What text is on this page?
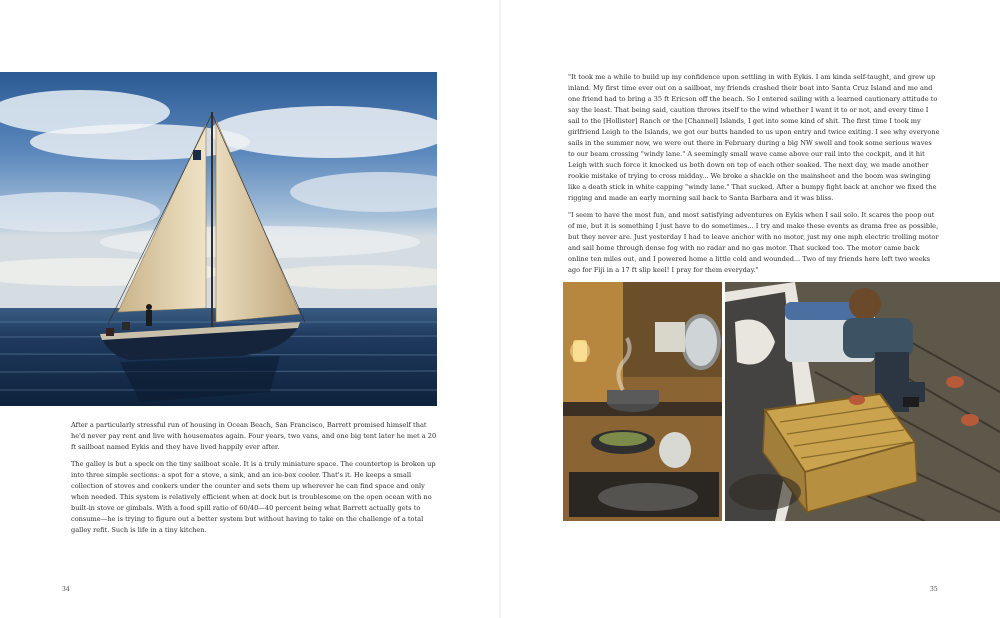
After a particularly stressful run of housing in Ocean Beach, San Francisco, Barrett promised himself that he'd never pay rent and live with housemates again. Four years, two vans, and one big tent later he met a 20 ft sailboat named Eykis and they have lived happily ever after.

The galley is but a speck on the tiny sailboat scale. It is a truly miniature space. The countertop is broken up into three simple sections: a spot for a stove, a sink, and an ice-box cooler. That's it. He keeps a small collection of stoves and cookers under the counter and sets them up wherever he can find space and only when needed. This system is relatively efficient when at dock but is troublesome on the open ocean with no built-in stove or gimbals. With a food spill ratio of 60/40—40 percent being what Barrett actually gets to consume—he is trying to figure out a better system but without having to take on the challenge of a total galley refit. Such is life in a tiny kitchen.

34	35

"It took me a while to build up my confidence upon settling in with Eykis. I am kinda self-taught, and grew up inland. My first time ever out on a sailboat, my friends crashed their boat into Santa Cruz Island and me and one friend had to bring a 35 ft Ericson off the beach. So I entered sailing with a learned cautionary attitude to say the least. That being said, caution throws itself to the wind whether I want it to or not, and every time I sail to the [Hollister] Ranch or the [Channel] Islands, I get into some kind of shit. The first time I took my girlfriend Leigh to the Islands, we got our butts handed to us upon entry and twice exiting. I see why everyone sails in the summer now, we were out there in February during a big NW swell and took some serious waves to our beam crossing "windy lane." A seemingly small wave came above our rail into the cockpit, and it hit Leigh with such force it knocked us both down on top of each other soaked. The next day, we made another rookie mistake of trying to cross midday... We broke a shackle on the mainsheet and the boom was swinging like a death stick in white capping "windy lane." That sucked. After a bumpy fight back at anchor we fixed the rigging and made an early morning sail back to Santa Barbara and it was bliss.

"I seem to have the most fun, and most satisfying adventures on Eykis when I sail solo. It scares the poop out of me, but it is something I just have to do sometimes... I try and make these events as drama free as possible, but they never are. Just yesterday I had to leave anchor with no motor, just my one mph electric trolling motor and sail home through dense fog with no radar and no gas motor. That sucked too. The motor came back online ten miles out, and I powered home a little cold and wounded... Two of my friends here left two weeks ago for Fiji in a 17 ft slip keel! I pray for them everyday."
